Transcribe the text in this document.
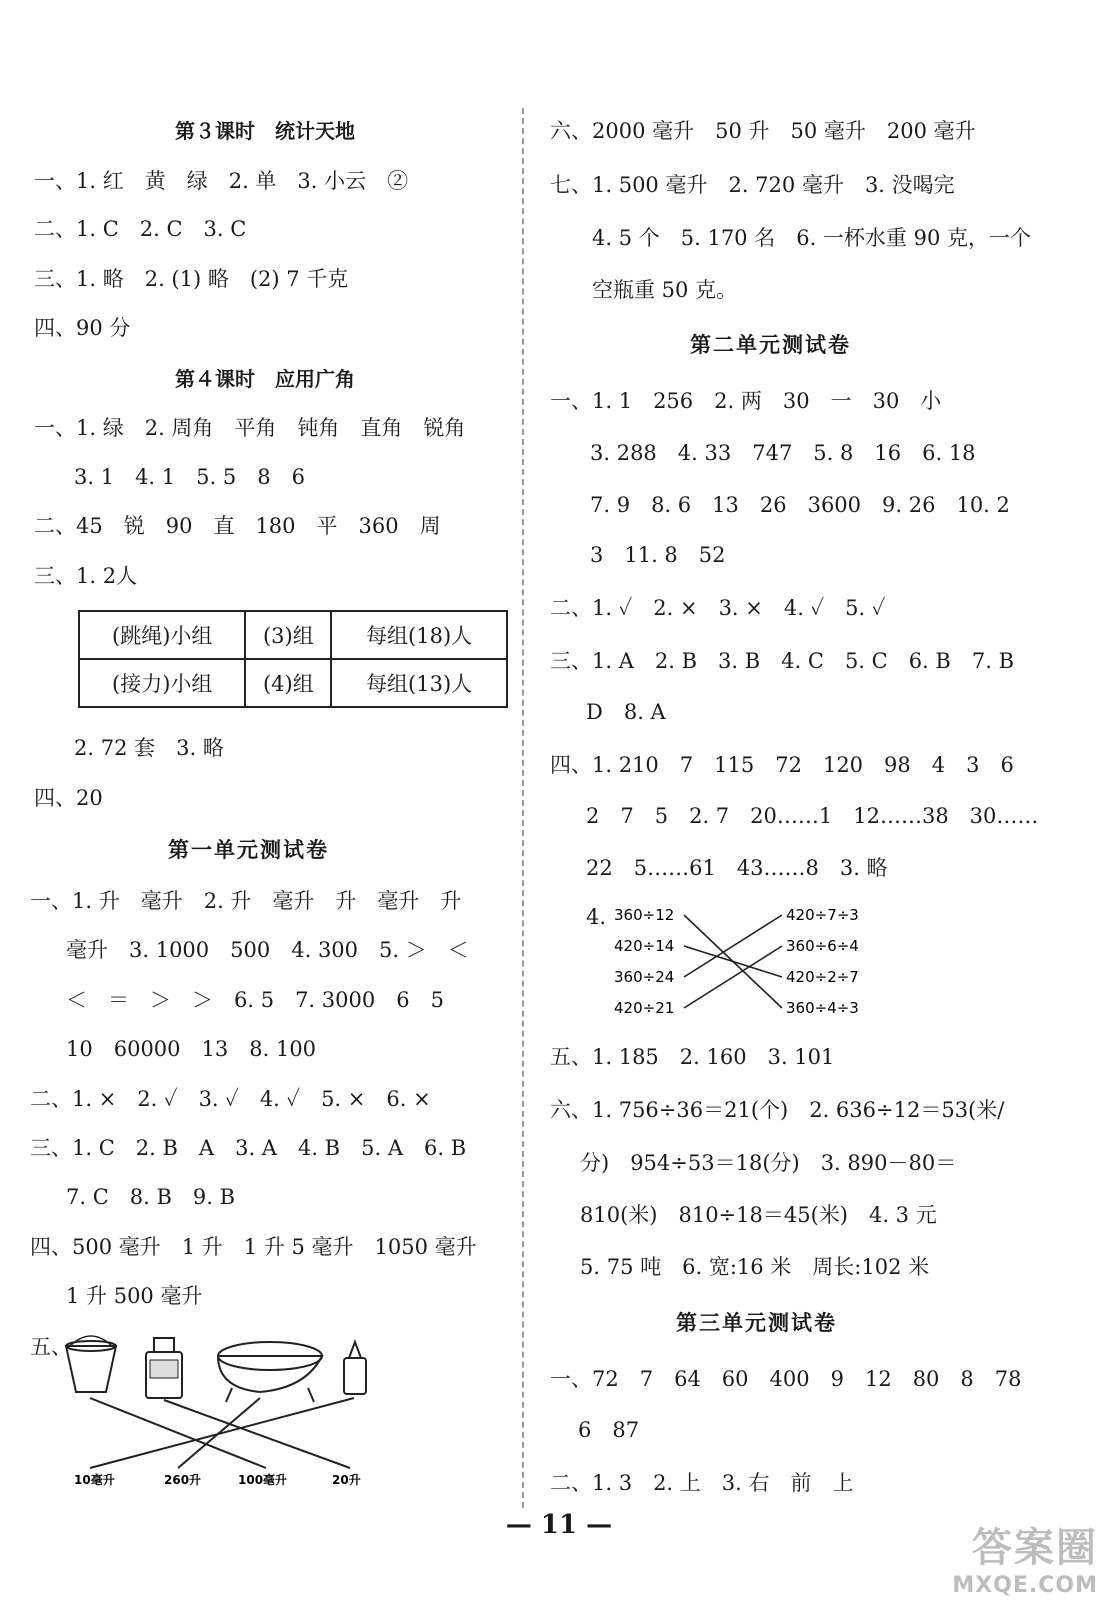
第３课时　统计天地
一、1. 红　黄　绿　2. 单　3. 小云　②
二、1. C　2. C　3. C
三、1. 略　2. (1) 略　(2) 7 千克
四、90 分
第４课时　应用广角
一、1. 绿　2. 周角　平角　钝角　直角　锐角
3. 1　4. 1　5. 5　8　6
二、45　锐　90　直　180　平　360　周
三、1. 2人
(跳绳)小组	(3)组	每组(18)人
(接力)小组	(4)组	每组(13)人
2. 72 套　3. 略
四、20
第一单元测试卷
一、1. 升　毫升　2. 升　毫升　升　毫升　升
毫升　3. 1000　500　4. 300　5. ＞　＜
＜　＝　＞　＞　6. 5　7. 3000　6　5
10　60000　13　8. 100
二、1. ×　2. ✓　3. ✓　4. ✓　5. ×　6. ×
三、1. C　2. B　A　3. A　4. B　5. A　6. B
7. C　8. B　9. B
四、500 毫升　1 升　1 升 5 毫升　1050 毫升
1 升 500 毫升
五、
10毫升	260升	100毫升	20升
六、2000 毫升　50 升　50 毫升　200 毫升
七、1. 500 毫升　2. 720 毫升　3. 没喝完
4. 5 个　5. 170 名　6. 一杯水重 90 克，一个
空瓶重 50 克。
第二单元测试卷
一、1. 1　256　2. 两　30　一　30　小
3. 288　4. 33　747　5. 8　16　6. 18
7. 9　8. 6　13　26　3600　9. 26　10. 2
3　11. 8　52
二、1. ✓　2. ×　3. ×　4. ✓　5. ✓
三、1. A　2. B　3. B　4. C　5. C　6. B　7. B
D　8. A
四、1. 210　7　115　72　120　98　4　3　6
2　7　5　2. 7　20……1　12……38　30……
22　5……61　43……8　3. 略
4. 360÷12
420÷14
360÷24
420÷21
420÷7÷3
360÷6÷4
420÷2÷7
360÷4÷3
五、1. 185　2. 160　3. 101
六、1. 756÷36＝21(个)　2. 636÷12＝53(米/
分)　954÷53＝18(分)　3. 890－80＝
810(米)　810÷18＝45(米)　4. 3 元
5. 75 吨　6. 宽:16 米　周长:102 米
第三单元测试卷
一、72　7　64　60　400　9　12　80　8　78
6　87
二、1. 3　2. 上　3. 右　前　上
— 11 —	答案圈
MXQE.COM
